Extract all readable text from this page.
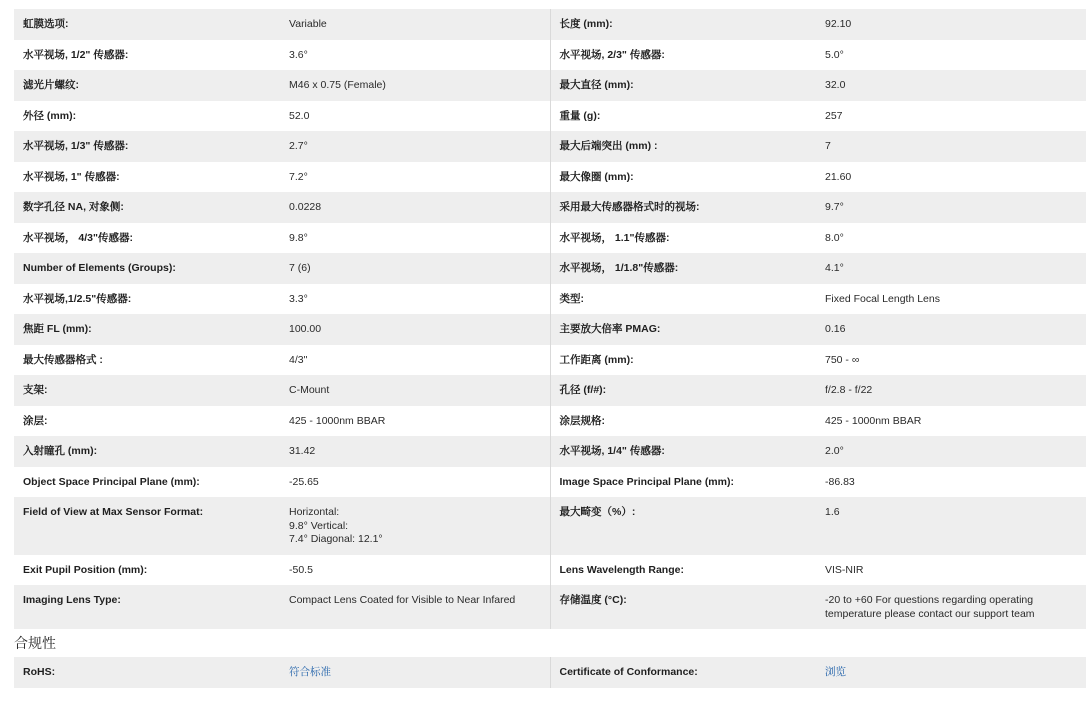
虹膜选项:	Variable	长度 (mm):	92.10
水平视场, 1/2" 传感器:	3.6°	水平视场, 2/3" 传感器:	5.0°
滤光片螺纹:	M46 x 0.75 (Female)	最大直径 (mm):	32.0
外径 (mm):	52.0	重量 (g):	257
水平视场, 1/3" 传感器:	2.7°	最大后端突出 (mm) :	7
水平视场, 1" 传感器:	7.2°	最大像圈 (mm):	21.60
数字孔径 NA, 对象侧:	0.0228	采用最大传感器格式时的视场:	9.7°
水平视场， 4/3"传感器:	9.8°	水平视场， 1.1"传感器:	8.0°
Number of Elements (Groups):	7 (6)	水平视场， 1/1.8"传感器:	4.1°
水平视场,1/2.5"传感器:	3.3°	类型:	Fixed Focal Length Lens
焦距 FL (mm):	100.00	主要放大倍率 PMAG:	0.16
最大传感器格式 :	4/3"	工作距离 (mm):	750 - ∞
支架:	C-Mount	孔径 (f/#):	f/2.8 - f/22
涂层:	425 - 1000nm BBAR	涂层规格:	425 - 1000nm BBAR
入射瞳孔 (mm):	31.42	水平视场, 1/4" 传感器:	2.0°
Object Space Principal Plane (mm):	-25.65	Image Space Principal Plane (mm):	-86.83
Field of View at Max Sensor Format:	Horizontal:
9.8° Vertical:
7.4° Diagonal: 12.1°	最大畸变（%）:	1.6
Exit Pupil Position (mm):	-50.5	Lens Wavelength Range:	VIS-NIR
Imaging Lens Type:	Compact Lens Coated for Visible to Near Infared	存储温度 (°C):	-20 to +60 For questions regarding operating temperature please contact our support team
合规性
RoHS:	符合标准	Certificate of Conformance:	浏览
